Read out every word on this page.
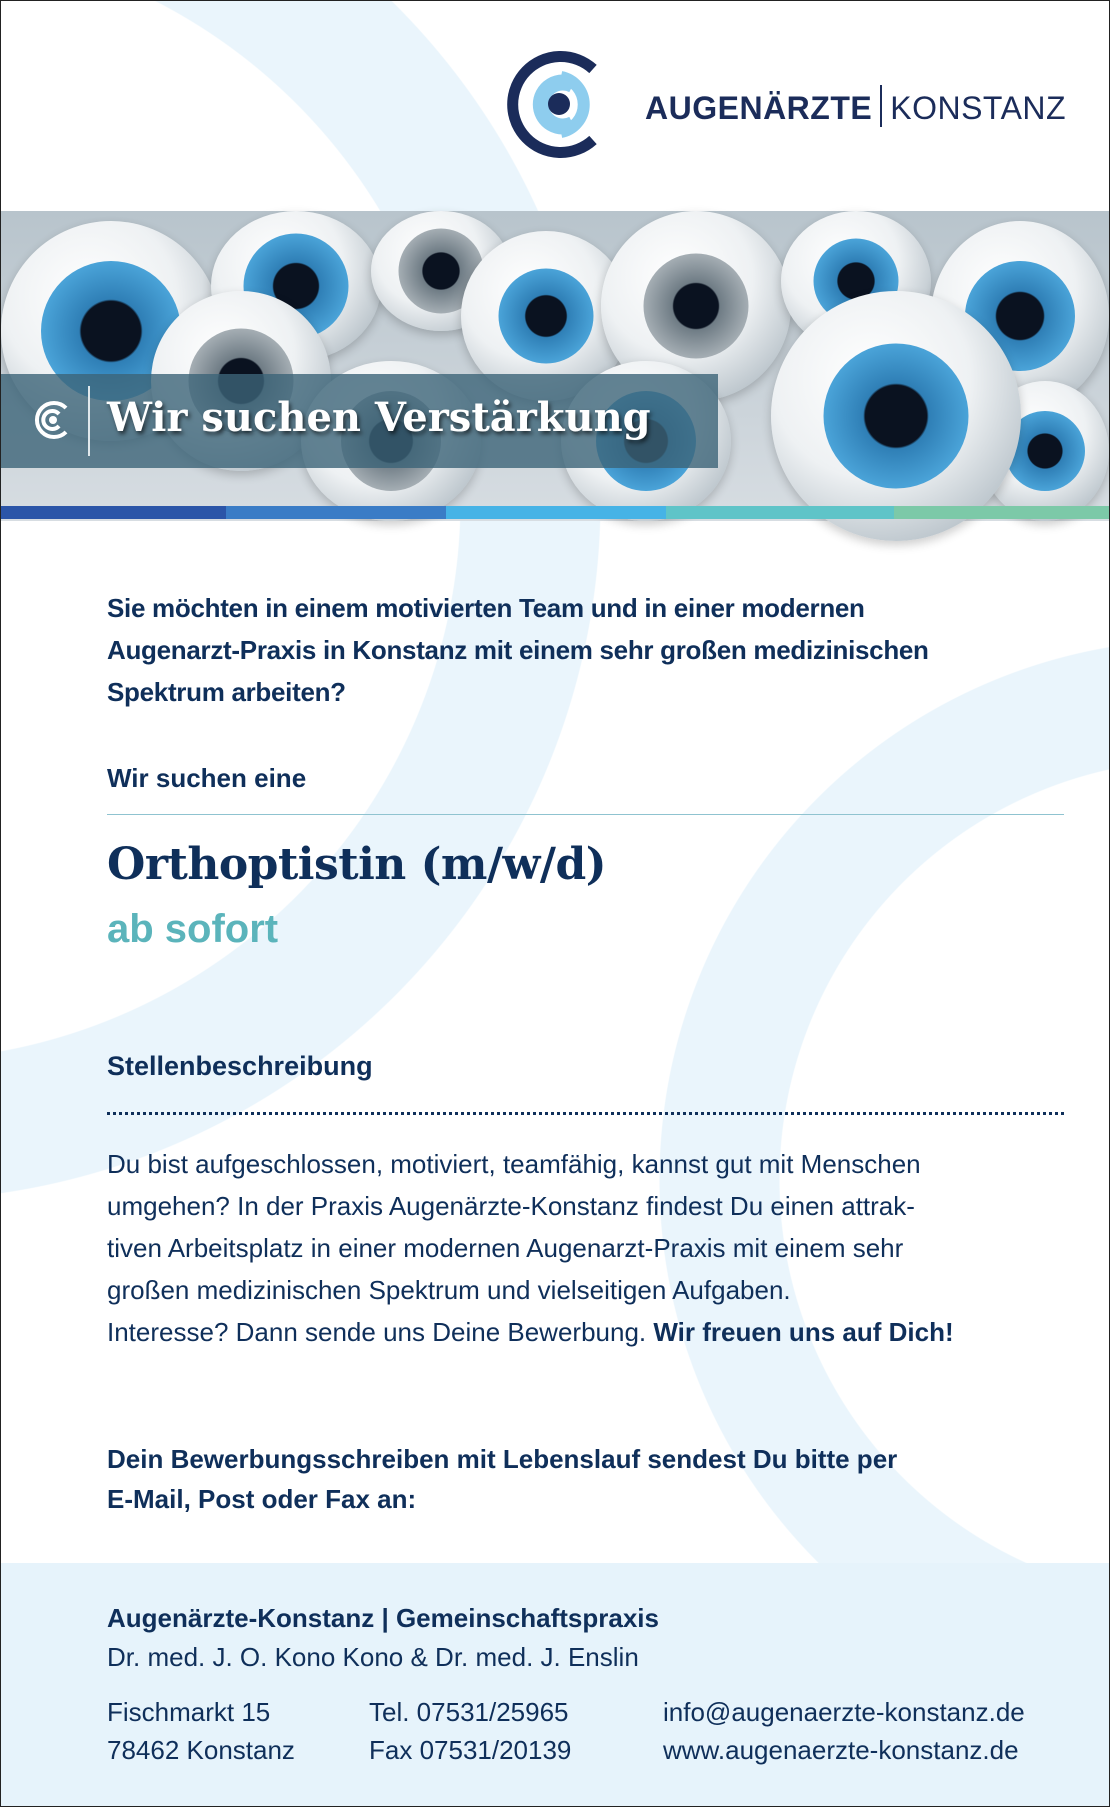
AUGENÄRZTE KONSTANZ
Wir suchen Verstärkung
Sie möchten in einem motivierten Team und in einer modernen
Augenarzt-Praxis in Konstanz mit einem sehr großen medizinischen
Spektrum arbeiten?
Wir suchen eine
Orthoptistin (m/w/d)
ab sofort
Stellenbeschreibung
Du bist aufgeschlossen, motiviert, teamfähig, kannst gut mit Menschen
umgehen? In der Praxis Augenärzte-Konstanz findest Du einen attrak-
tiven Arbeitsplatz in einer modernen Augenarzt-Praxis mit einem sehr
großen medizinischen Spektrum und vielseitigen Aufgaben.
Interesse? Dann sende uns Deine Bewerbung. Wir freuen uns auf Dich!
Dein Bewerbungsschreiben mit Lebenslauf sendest Du bitte per
E-Mail, Post oder Fax an:
Augenärzte-Konstanz | Gemeinschaftspraxis
Dr. med. J. O. Kono Kono & Dr. med. J. Enslin
Fischmarkt 15
78462 Konstanz
Tel. 07531/25965
Fax 07531/20139
info@augenaerzte-konstanz.de
www.augenaerzte-konstanz.de
